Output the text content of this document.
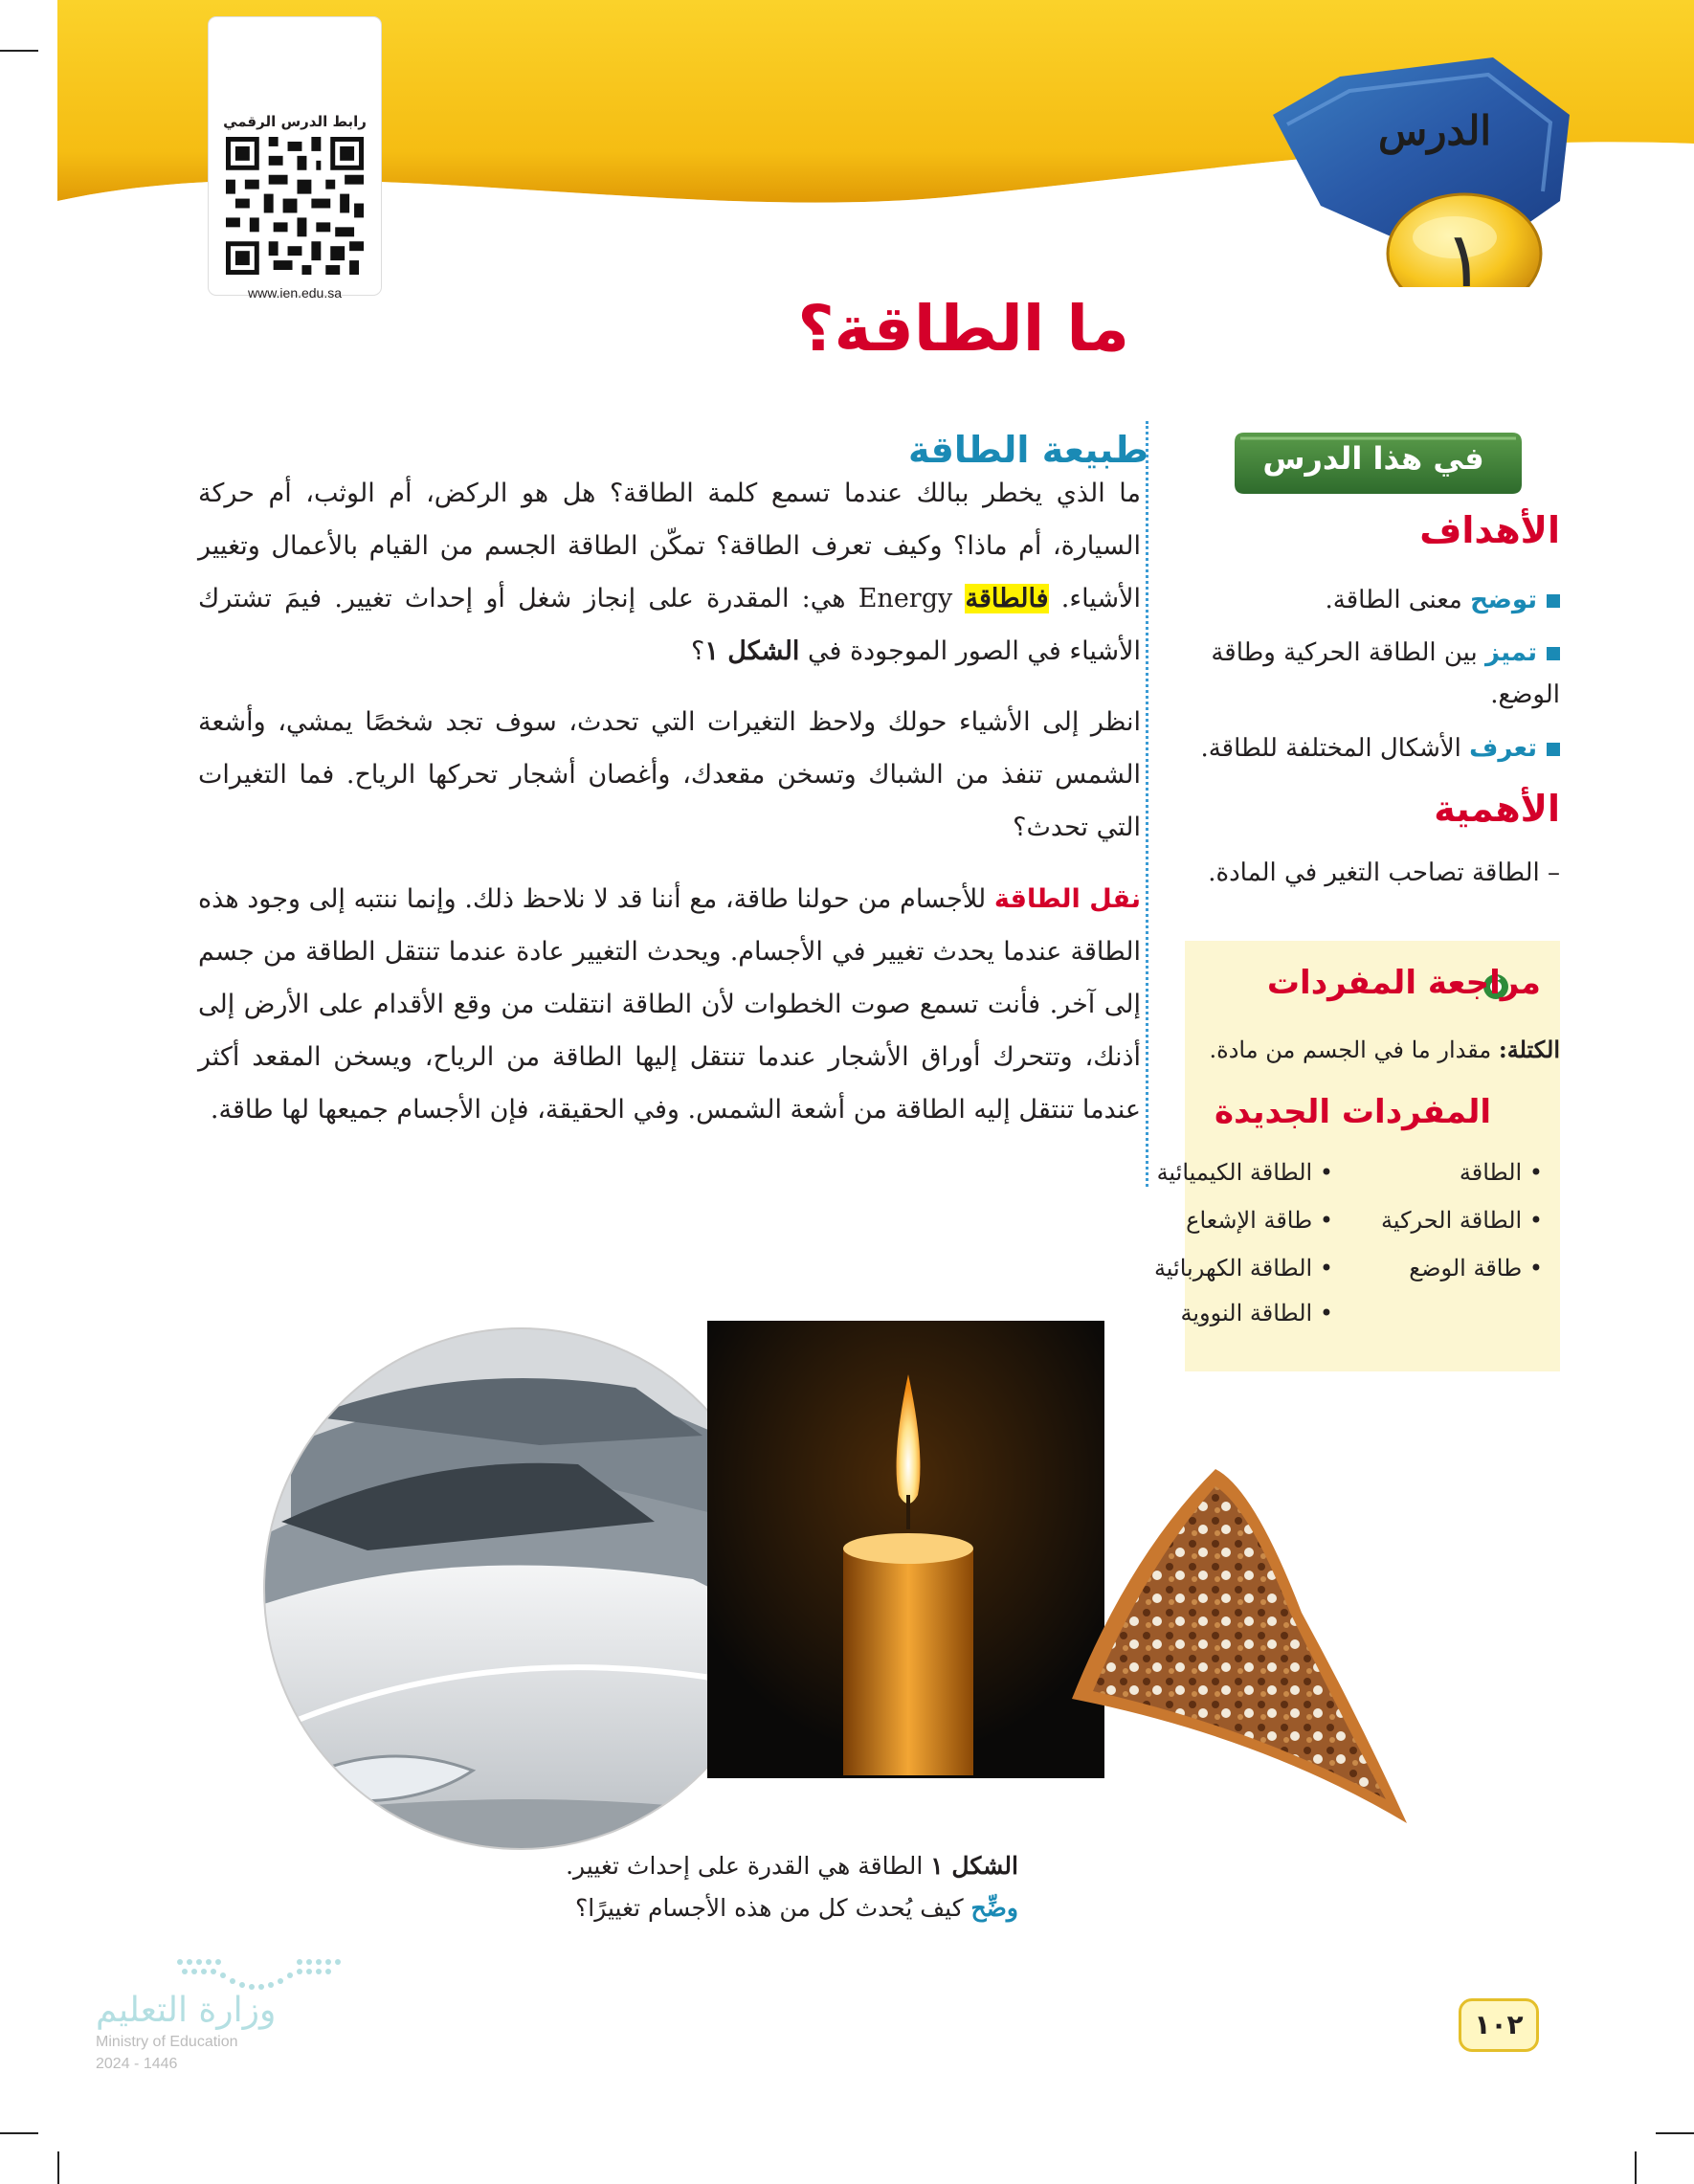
رابط الدرس الرقمي
www.ien.edu.sa
الدرس
١
ما الطاقة؟
طبيعة الطاقة

ما الذي يخطر ببالك عندما تسمع كلمة الطاقة؟ هل هو الركض، أم الوثب، أم حركة السيارة، أم ماذا؟ وكيف تعرف الطاقة؟ تمكّن الطاقة الجسم من القيام بالأعمال وتغيير الأشياء. فالطاقة Energy هي: المقدرة على إنجاز شغل أو إحداث تغيير. فيمَ تشترك الأشياء في الصور الموجودة في الشكل ١؟

انظر إلى الأشياء حولك ولاحظ التغيرات التي تحدث، سوف تجد شخصًا يمشي، وأشعة الشمس تنفذ من الشباك وتسخن مقعدك، وأغصان أشجار تحركها الرياح. فما التغيرات التي تحدث؟

نقل الطاقة للأجسام من حولنا طاقة، مع أننا قد لا نلاحظ ذلك. وإنما ننتبه إلى وجود هذه الطاقة عندما يحدث تغيير في الأجسام. ويحدث التغيير عادة عندما تنتقل الطاقة من جسم إلى آخر. فأنت تسمع صوت الخطوات لأن الطاقة انتقلت من وقع الأقدام على الأرض إلى أذنك، وتتحرك أوراق الأشجار عندما تنتقل إليها الطاقة من الرياح، ويسخن المقعد أكثر عندما تنتقل إليه الطاقة من أشعة الشمس. وفي الحقيقة، فإن الأجسام جميعها لها طاقة.

في هذا الدرس
الأهداف
توضح معنى الطاقة.
تميز بين الطاقة الحركية وطاقة الوضع.
تعرف الأشكال المختلفة للطاقة.
الأهمية
– الطاقة تصاحب التغير في المادة.
مراجعة المفردات
الكتلة: مقدار ما في الجسم من مادة.
المفردات الجديدة
• الطاقة
• الطاقة الحركية
• طاقة الوضع
• الطاقة الكيميائية
• طاقة الإشعاع
• الطاقة الكهربائية
• الطاقة النووية
الشكل ١ الطاقة هي القدرة على إحداث تغيير.
وضِّح كيف يُحدث كل من هذه الأجسام تغييرًا؟
وزارة التعليم
Ministry of Education
2024 - 1446
١٠٢
